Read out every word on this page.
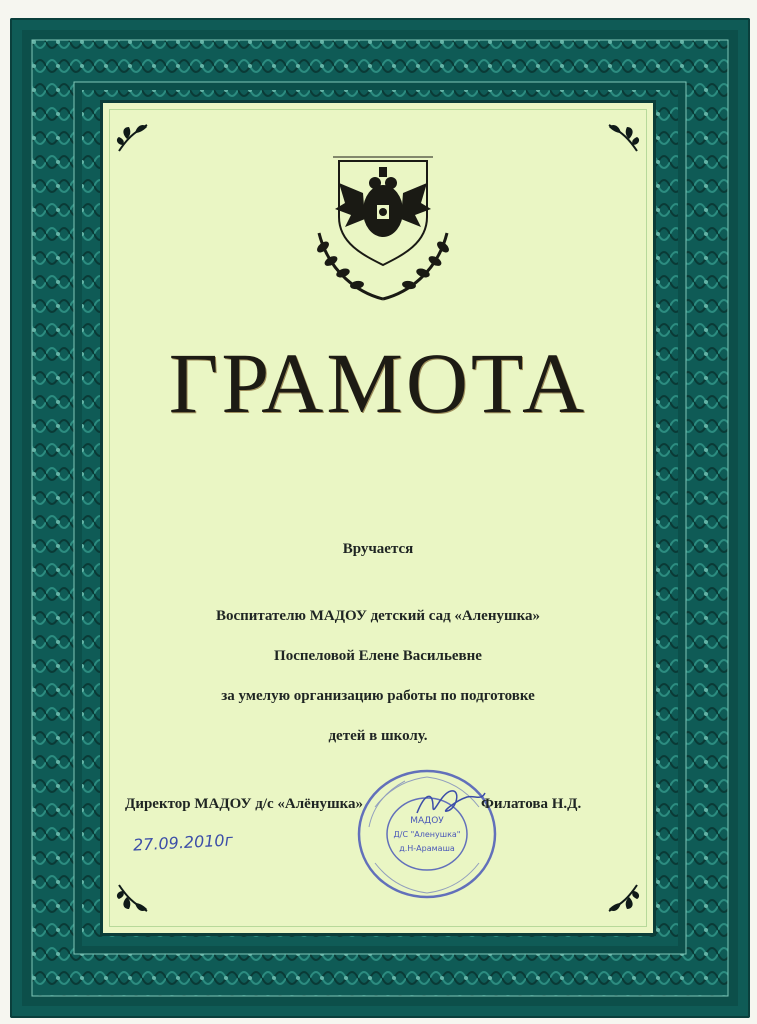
ГРАМОТА
Вручается
Воспитателю МАДОУ детский сад «Аленушка»
Поспеловой Елене Васильевне
за умелую организацию работы по подготовке
детей в школу.
МАДОУ
Д/С "Аленушка"
д.Н-Арамаша
Директор МАДОУ д/с «Алёнушка»	Филатова Н.Д.
27.09.2010г
